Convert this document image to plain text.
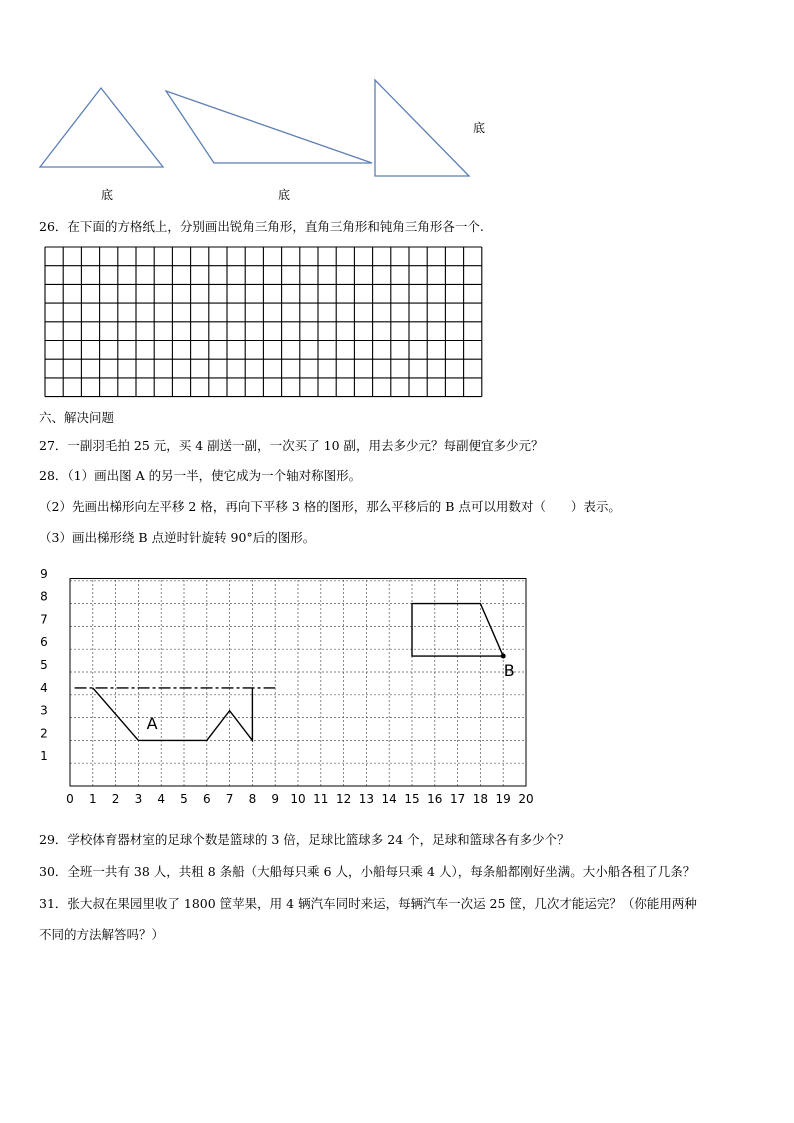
底	底
底
26．在下面的方格纸上，分别画出锐角三角形，直角三角形和钝角三角形各一个.
六、解决问题
27．一副羽毛拍 25 元，买 4 副送一副，一次买了 10 副，用去多少元？每副便宜多少元？
28．（1）画出图 A 的另一半，使它成为一个轴对称图形。
（2）先画出梯形向左平移 2 格，再向下平移 3 格的图形，那么平移后的 B 点可以用数对（　　）表示。
（3）画出梯形绕 B 点逆时针旋转 90°后的图形。
0 1 2 3 4 5 6 7 8 9 10 11 12 13 14 15 16 17 18 19 20
1
2
3
4
5
6
7
8
9
A
B
29．学校体育器材室的足球个数是篮球的 3 倍，足球比篮球多 24 个，足球和篮球各有多少个？
30．全班一共有 38 人，共租 8 条船（大船每只乘 6 人，小船每只乘 4 人），每条船都刚好坐满。大小船各租了几条？
31．张大叔在果园里收了 1800 筐苹果，用 4 辆汽车同时来运，每辆汽车一次运 25 筐，几次才能运完？（你能用两种
不同的方法解答吗？）
